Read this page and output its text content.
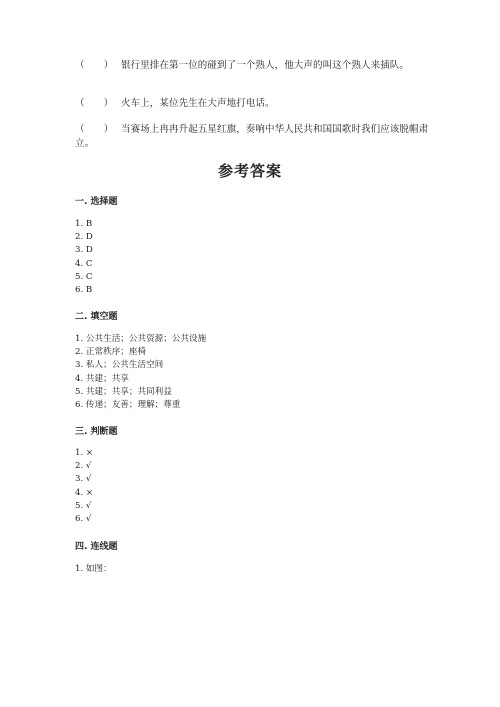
（　　） 银行里排在第一位的碰到了一个熟人，他大声的叫这个熟人来插队。
（　　） 火车上，某位先生在大声地打电话。
（　　） 当赛场上冉冉升起五星红旗，奏响中华人民共和国国歌时我们应该脱帽肃立。
参考答案
一. 选择题
1. B
2. D
3. D
4. C
5. C
6. B
二. 填空题
1. 公共生活；公共资源；公共设施
2. 正常秩序；座椅
3. 私人；公共生活空间
4. 共建；共享
5. 共建；共享；共同利益
6. 传递；友善；理解；尊重
三. 判断题
1. ×
2. √
3. √
4. ×
5. √
6. √
四. 连线题
1. 如图：
